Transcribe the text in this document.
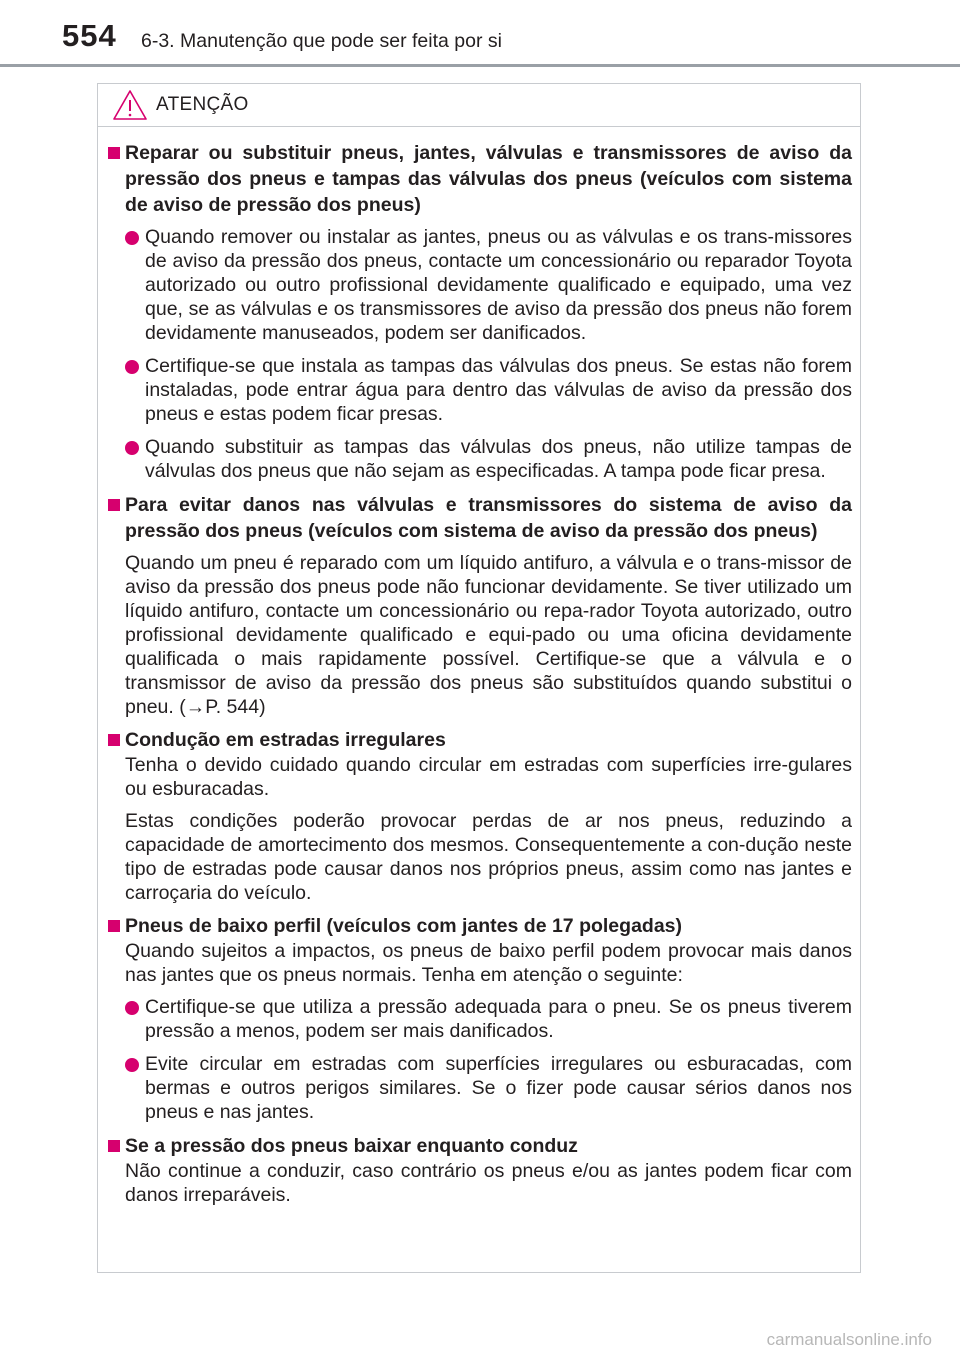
554 6-3. Manutenção que pode ser feita por si
ATENÇÃO
Reparar ou substituir pneus, jantes, válvulas e transmissores de aviso da pressão dos pneus e tampas das válvulas dos pneus (veículos com sistema de aviso de pressão dos pneus)
Quando remover ou instalar as jantes, pneus ou as válvulas e os trans-missores de aviso da pressão dos pneus, contacte um concessionário ou reparador Toyota autorizado ou outro profissional devidamente qualificado e equipado, uma vez que, se as válvulas e os transmissores de aviso da pressão dos pneus não forem devidamente manuseados, podem ser danificados.
Certifique-se que instala as tampas das válvulas dos pneus. Se estas não forem instaladas, pode entrar água para dentro das válvulas de aviso da pressão dos pneus e estas podem ficar presas.
Quando substituir as tampas das válvulas dos pneus, não utilize tampas de válvulas dos pneus que não sejam as especificadas. A tampa pode ficar presa.
Para evitar danos nas válvulas e transmissores do sistema de aviso da pressão dos pneus (veículos com sistema de aviso da pressão dos pneus)
Quando um pneu é reparado com um líquido antifuro, a válvula e o trans-missor de aviso da pressão dos pneus pode não funcionar devidamente. Se tiver utilizado um líquido antifuro, contacte um concessionário ou repa-rador Toyota autorizado, outro profissional devidamente qualificado e equi-pado ou uma oficina devidamente qualificada o mais rapidamente possível. Certifique-se que a válvula e o transmissor de aviso da pressão dos pneus são substituídos quando substitui o pneu. (→P. 544)
Condução em estradas irregulares
Tenha o devido cuidado quando circular em estradas com superfícies irre-gulares ou esburacadas.
Estas condições poderão provocar perdas de ar nos pneus, reduzindo a capacidade de amortecimento dos mesmos. Consequentemente a con-dução neste tipo de estradas pode causar danos nos próprios pneus, assim como nas jantes e carroçaria do veículo.
Pneus de baixo perfil (veículos com jantes de 17 polegadas)
Quando sujeitos a impactos, os pneus de baixo perfil podem provocar mais danos nas jantes que os pneus normais. Tenha em atenção o seguinte:
Certifique-se que utiliza a pressão adequada para o pneu. Se os pneus tiverem pressão a menos, podem ser mais danificados.
Evite circular em estradas com superfícies irregulares ou esburacadas, com bermas e outros perigos similares. Se o fizer pode causar sérios danos nos pneus e nas jantes.
Se a pressão dos pneus baixar enquanto conduz
Não continue a conduzir, caso contrário os pneus e/ou as jantes podem ficar com danos irreparáveis.
carmanualsonline.info
